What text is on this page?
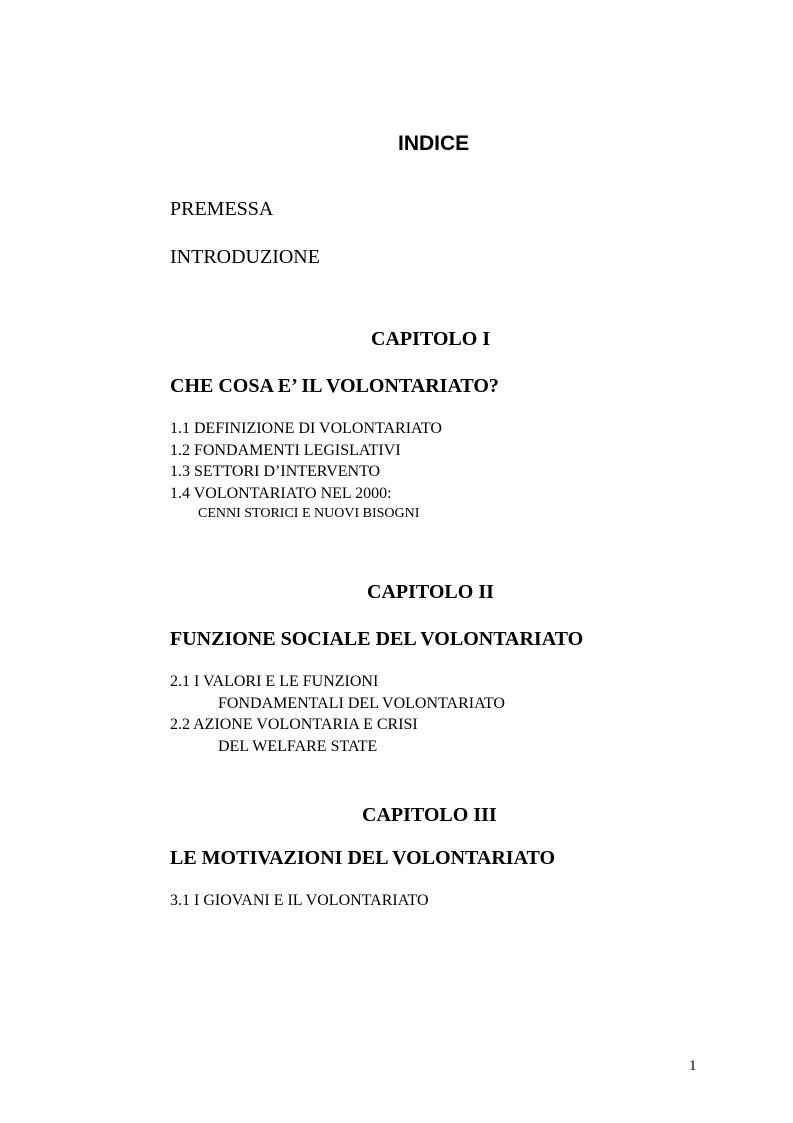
INDICE
PREMESSA
INTRODUZIONE
CAPITOLO I
CHE COSA E’ IL VOLONTARIATO?
1.1 DEFINIZIONE DI VOLONTARIATO
1.2 FONDAMENTI LEGISLATIVI
1.3 SETTORI D’INTERVENTO
1.4 VOLONTARIATO NEL 2000:
CENNI STORICI E NUOVI BISOGNI
CAPITOLO II
FUNZIONE SOCIALE DEL VOLONTARIATO
2.1 I VALORI E LE FUNZIONI
FONDAMENTALI DEL VOLONTARIATO
2.2 AZIONE VOLONTARIA E CRISI
DEL WELFARE STATE
CAPITOLO III
LE MOTIVAZIONI DEL VOLONTARIATO
3.1 I GIOVANI E IL VOLONTARIATO
1
